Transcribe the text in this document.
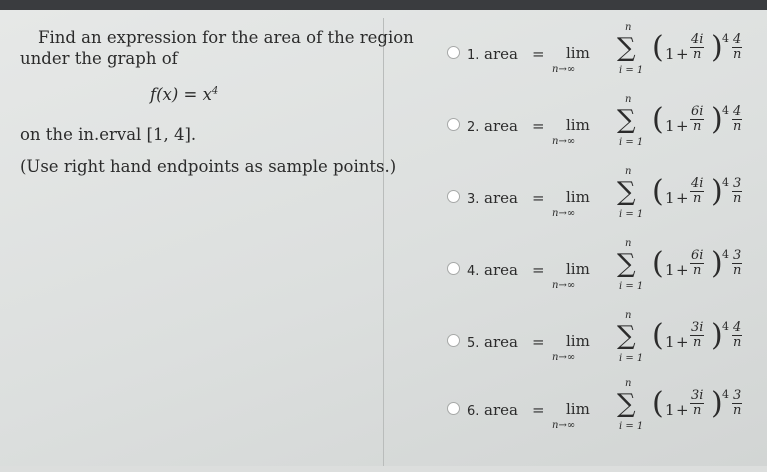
Find an expression for the area of the region
under the graph of
$f(x) = x^4$
on the in.erval [1, 4].
(Use right hand endpoints as sample points.)
1. area = lim
n→∞
n
∑
i = 1
( $1 + \frac{4i}{n}$ ) $4 \frac{4}{n}$
2. area = lim
n→∞
n
∑
i = 1
( $1 + \frac{6i}{n}$ ) $4 \frac{4}{n}$
3. area = lim
n→∞
n
∑
i = 1
( $1 + \frac{4i}{n}$ ) $4 \frac{3}{n}$
4. area = lim
n→∞
n
∑
i = 1
( $1 + \frac{6i}{n}$ ) $4 \frac{3}{n}$
5. area = lim
n→∞
n
∑
i = 1
( $1 + \frac{3i}{n}$ ) $4 \frac{4}{n}$
6. area = lim
n→∞
n
∑
i = 1
( $1 + \frac{3i}{n}$ ) $4 \frac{3}{n}$
